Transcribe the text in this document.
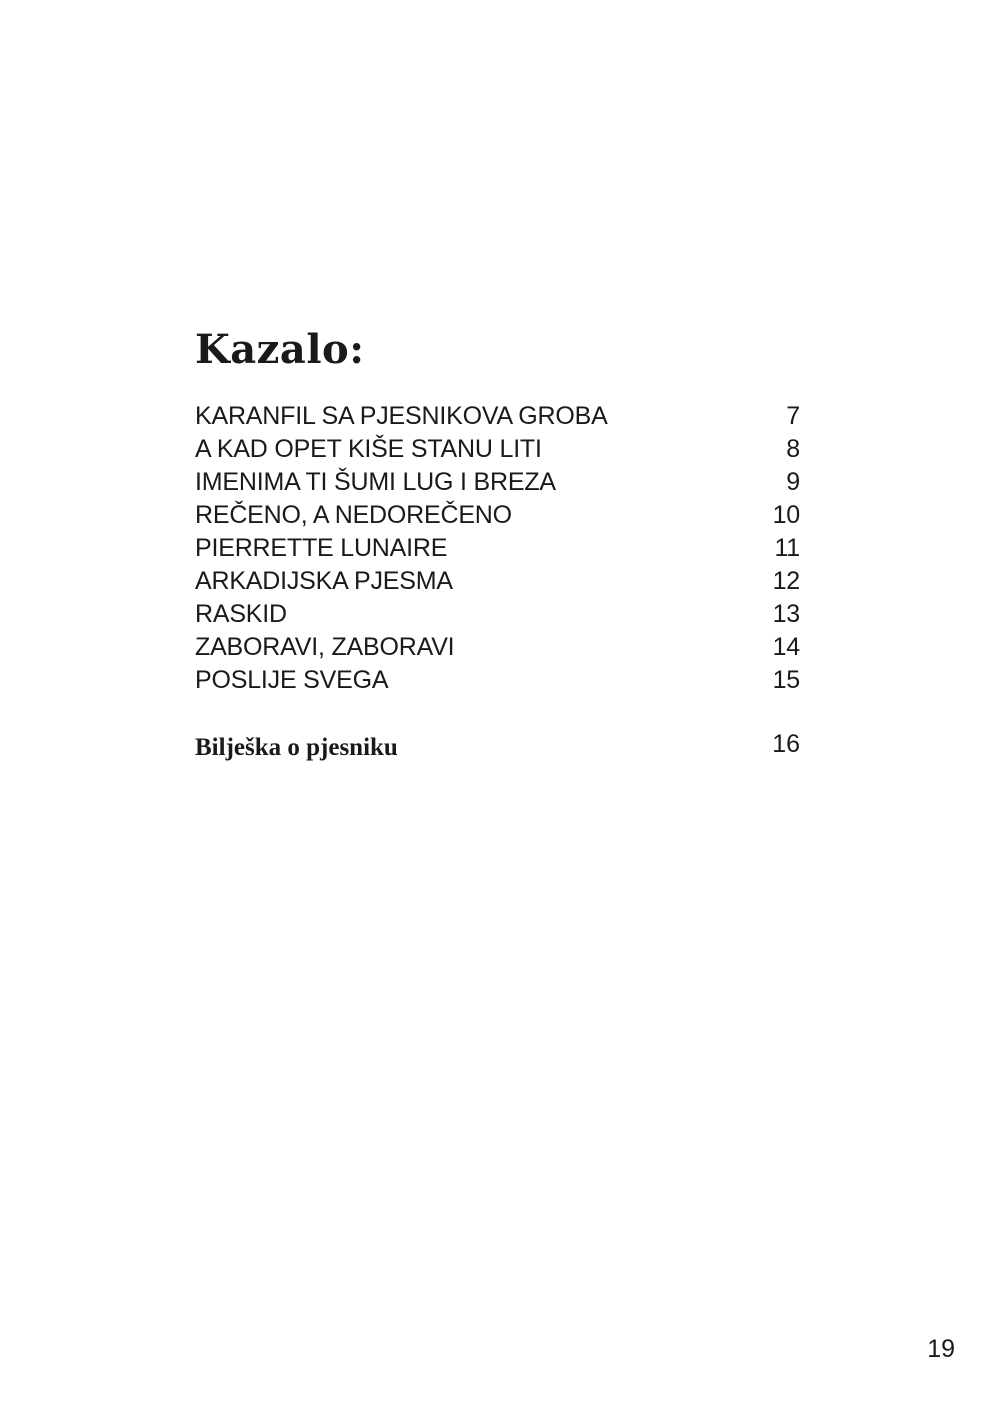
Kazalo:
KARANFIL SA PJESNIKOVA GROBA	7
A KAD OPET KIŠE STANU LITI	8
IMENIMA TI ŠUMI LUG I BREZA	9
REČENO, A NEDOREČENO	10
PIERRETTE LUNAIRE	11
ARKADIJSKA PJESMA	12
RASKID	13
ZABORAVI, ZABORAVI	14
POSLIJE SVEGA	15
Bilješka o pjesniku	16
19
